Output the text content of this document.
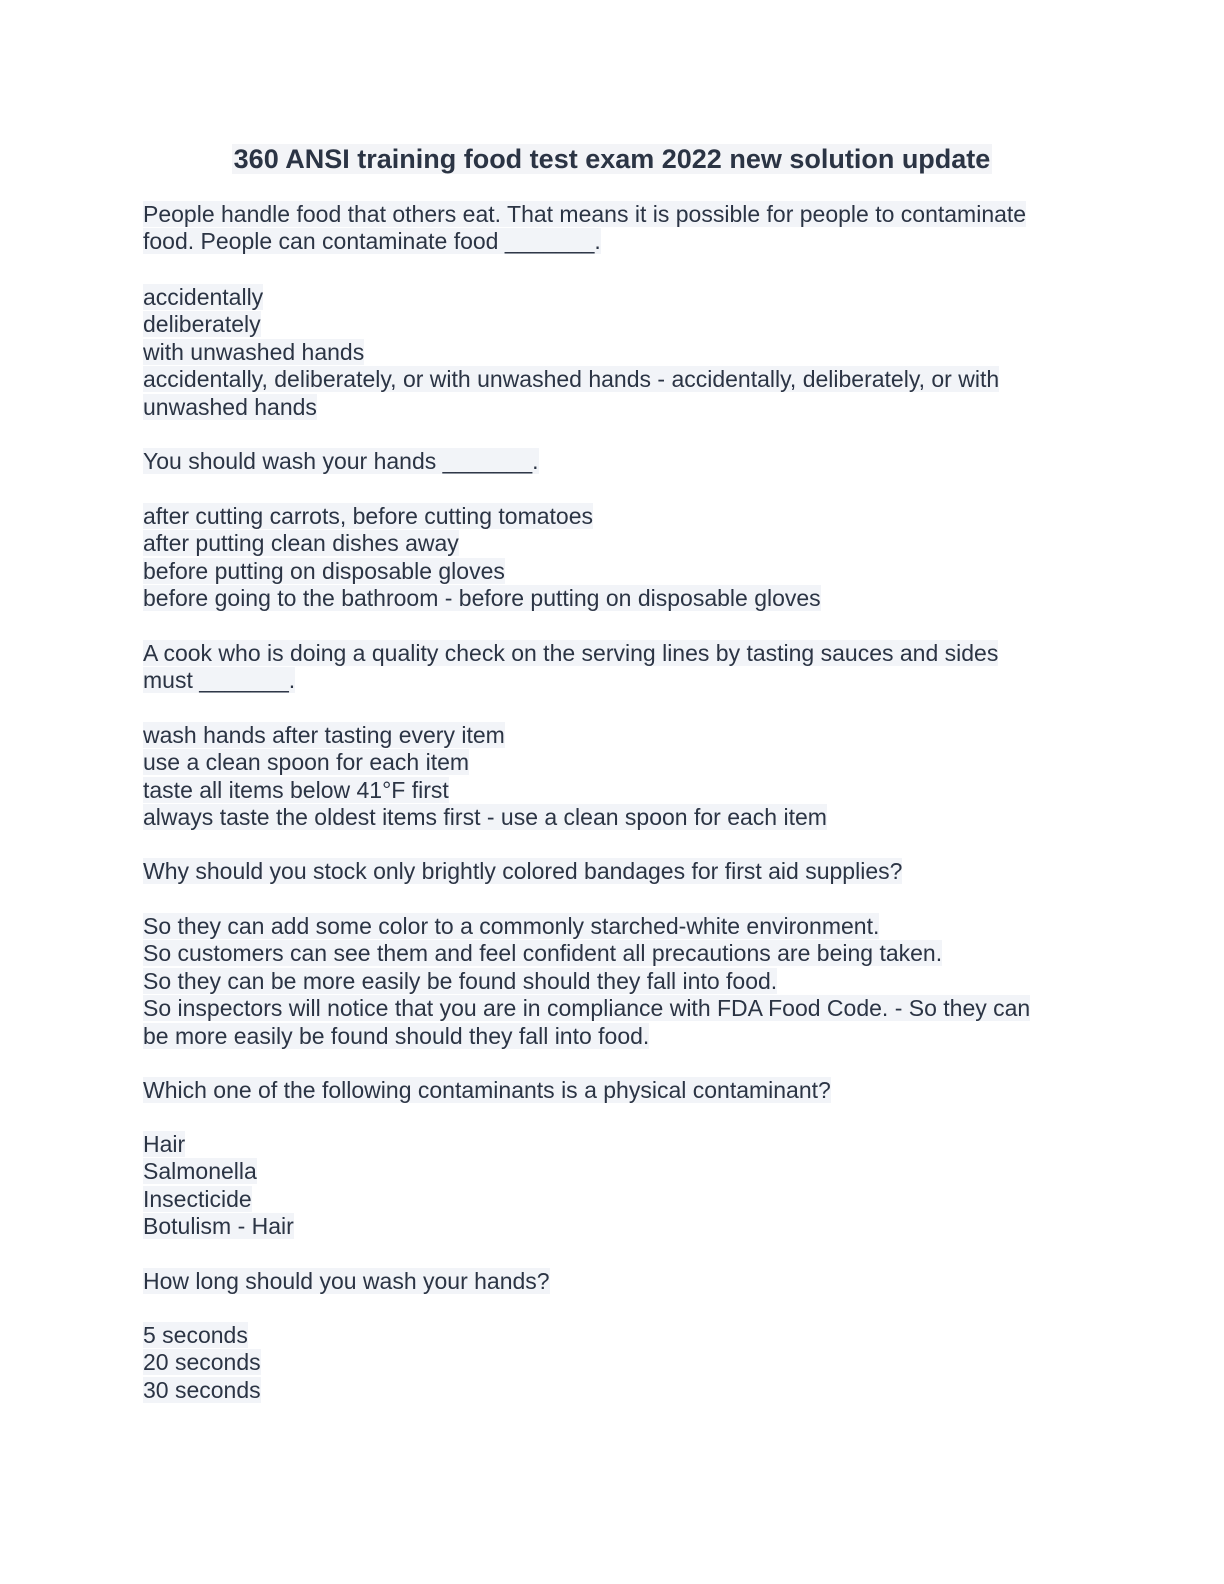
360 ANSI training food test exam 2022 new solution update
People handle food that others eat. That means it is possible for people to contaminate
food. People can contaminate food _______.
accidentally
deliberately
with unwashed hands
accidentally, deliberately, or with unwashed hands - accidentally, deliberately, or with
unwashed hands
You should wash your hands _______.
after cutting carrots, before cutting tomatoes
after putting clean dishes away
before putting on disposable gloves
before going to the bathroom - before putting on disposable gloves
A cook who is doing a quality check on the serving lines by tasting sauces and sides
must _______.
wash hands after tasting every item
use a clean spoon for each item
taste all items below 41°F first
always taste the oldest items first - use a clean spoon for each item
Why should you stock only brightly colored bandages for first aid supplies?
So they can add some color to a commonly starched-white environment.
So customers can see them and feel confident all precautions are being taken.
So they can be more easily be found should they fall into food.
So inspectors will notice that you are in compliance with FDA Food Code. - So they can
be more easily be found should they fall into food.
Which one of the following contaminants is a physical contaminant?
Hair
Salmonella
Insecticide
Botulism - Hair
How long should you wash your hands?
5 seconds
20 seconds
30 seconds
